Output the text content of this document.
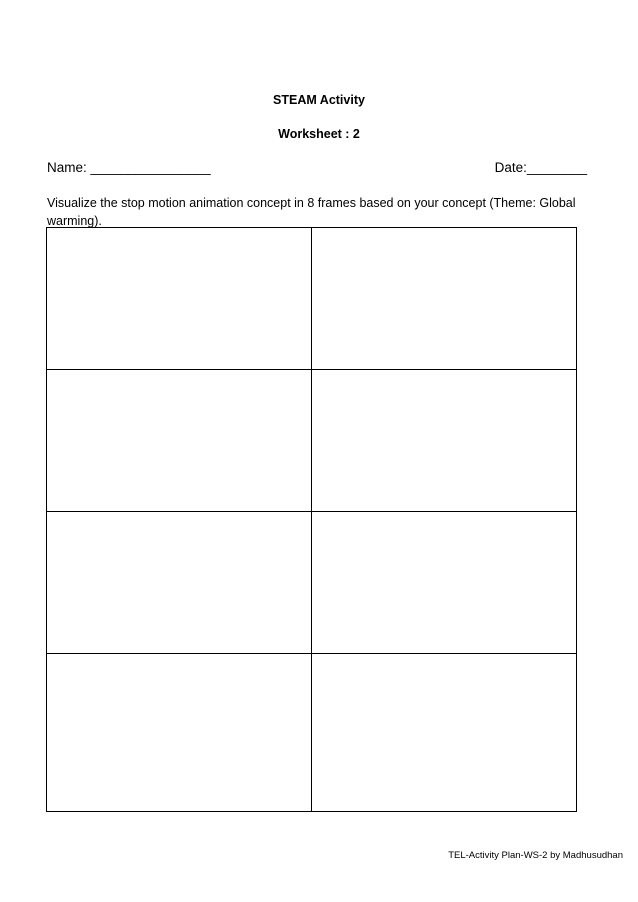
STEAM Activity
Worksheet : 2
Name: ________________	Date:________
Visualize the stop motion animation concept in 8 frames based on your concept (Theme: Global warming).
TEL-Activity Plan-WS-2 by Madhusudhan
